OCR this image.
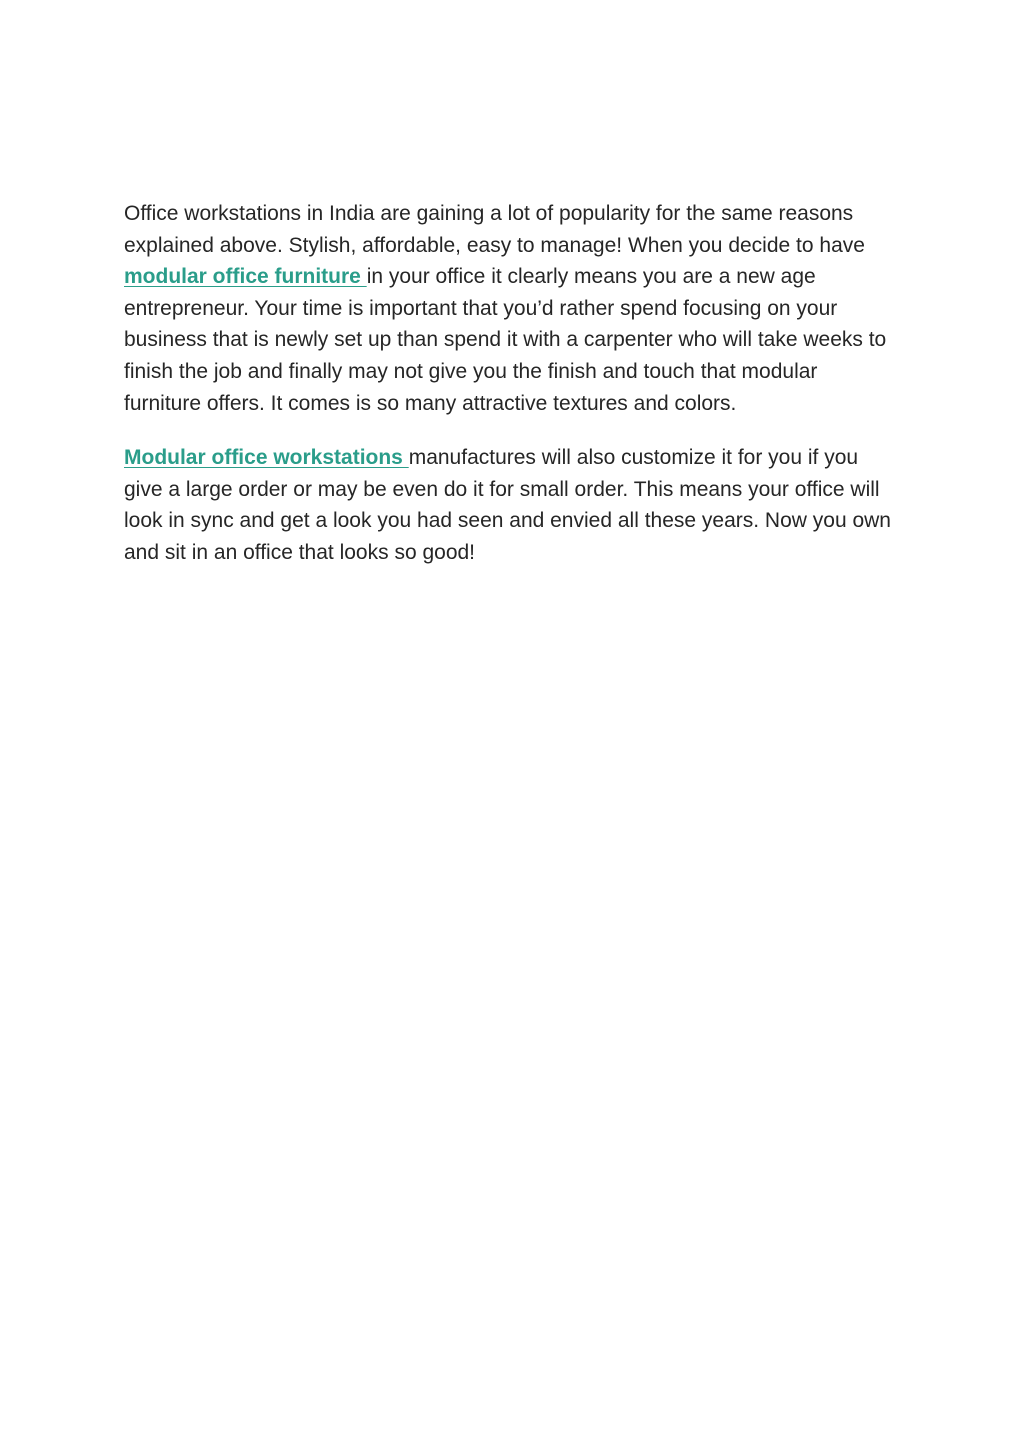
Office workstations in India are gaining a lot of popularity for the same reasons explained above. Stylish, affordable, easy to manage! When you decide to have modular office furniture in your office it clearly means you are a new age entrepreneur. Your time is important that you’d rather spend focusing on your business that is newly set up than spend it with a carpenter who will take weeks to finish the job and finally may not give you the finish and touch that modular furniture offers. It comes is so many attractive textures and colors.

Modular office workstations manufactures will also customize it for you if you give a large order or may be even do it for small order. This means your office will look in sync and get a look you had seen and envied all these years. Now you own and sit in an office that looks so good!
